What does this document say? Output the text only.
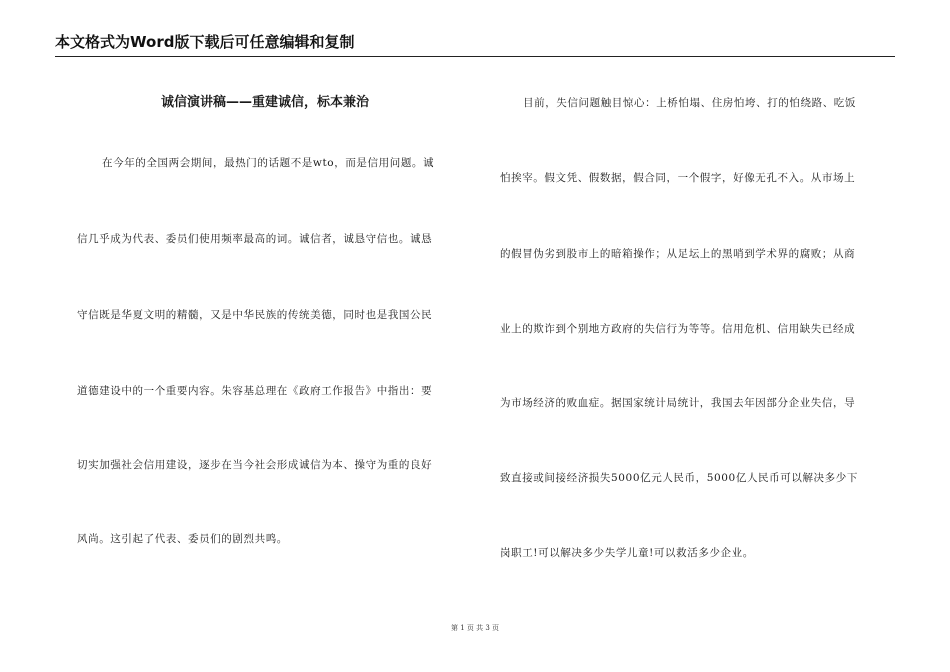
本文格式为Word版下载后可任意编辑和复制
诚信演讲稿——重建诚信，标本兼治
在今年的全国两会期间，最热门的话题不是wto，而是信用问题。诚
信几乎成为代表、委员们使用频率最高的词。诚信者，诚恳守信也。诚恳
守信既是华夏文明的精髓，又是中华民族的传统美德，同时也是我国公民
道德建设中的一个重要内容。朱容基总理在《政府工作报告》中指出：要
切实加强社会信用建设，逐步在当今社会形成诚信为本、操守为重的良好
风尚。这引起了代表、委员们的剧烈共鸣。
目前，失信问题触目惊心：上桥怕塌、住房怕垮、打的怕绕路、吃饭
怕挨宰。假文凭、假数据，假合同，一个假字，好像无孔不入。从市场上
的假冒伪劣到股市上的暗箱操作；从足坛上的黑哨到学术界的腐败；从商
业上的欺诈到个别地方政府的失信行为等等。信用危机、信用缺失已经成
为市场经济的败血症。据国家统计局统计，我国去年因部分企业失信，导
致直接或间接经济损失5000亿元人民币，5000亿人民币可以解决多少下
岗职工!可以解决多少失学儿童!可以救活多少企业。
第 1 页 共 3 页
